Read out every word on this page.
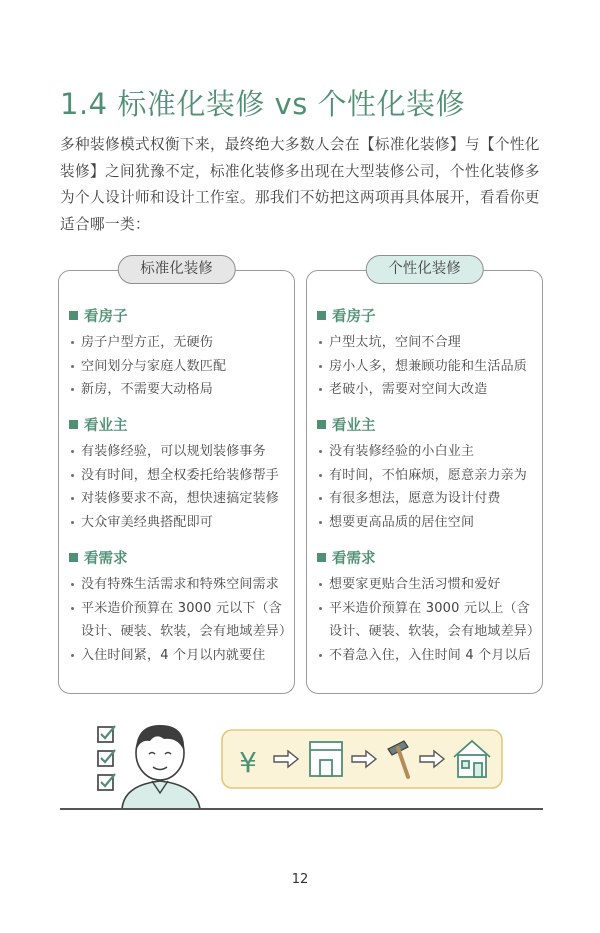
1.4 标准化装修 vs 个性化装修
多种装修模式权衡下来，最终绝大多数人会在【标准化装修】与【个性化装修】之间犹豫不定，标准化装修多出现在大型装修公司，个性化装修多为个人设计师和设计工作室。那我们不妨把这两项再具体展开，看看你更适合哪一类：
标准化装修
看房子
房子户型方正，无硬伤
空间划分与家庭人数匹配
新房，不需要大动格局
看业主
有装修经验，可以规划装修事务
没有时间，想全权委托给装修帮手
对装修要求不高，想快速搞定装修
大众审美经典搭配即可
看需求
没有特殊生活需求和特殊空间需求
平米造价预算在 3000 元以下（含设计、硬装、软装，会有地域差异）
入住时间紧，4 个月以内就要住
个性化装修
看房子
户型太坑，空间不合理
房小人多，想兼顾功能和生活品质
老破小，需要对空间大改造
看业主
没有装修经验的小白业主
有时间，不怕麻烦，愿意亲力亲为
有很多想法，愿意为设计付费
想要更高品质的居住空间
看需求
想要家更贴合生活习惯和爱好
平米造价预算在 3000 元以上（含设计、硬装、软装，会有地域差异）
不着急入住，入住时间 4 个月以后
¥
12
